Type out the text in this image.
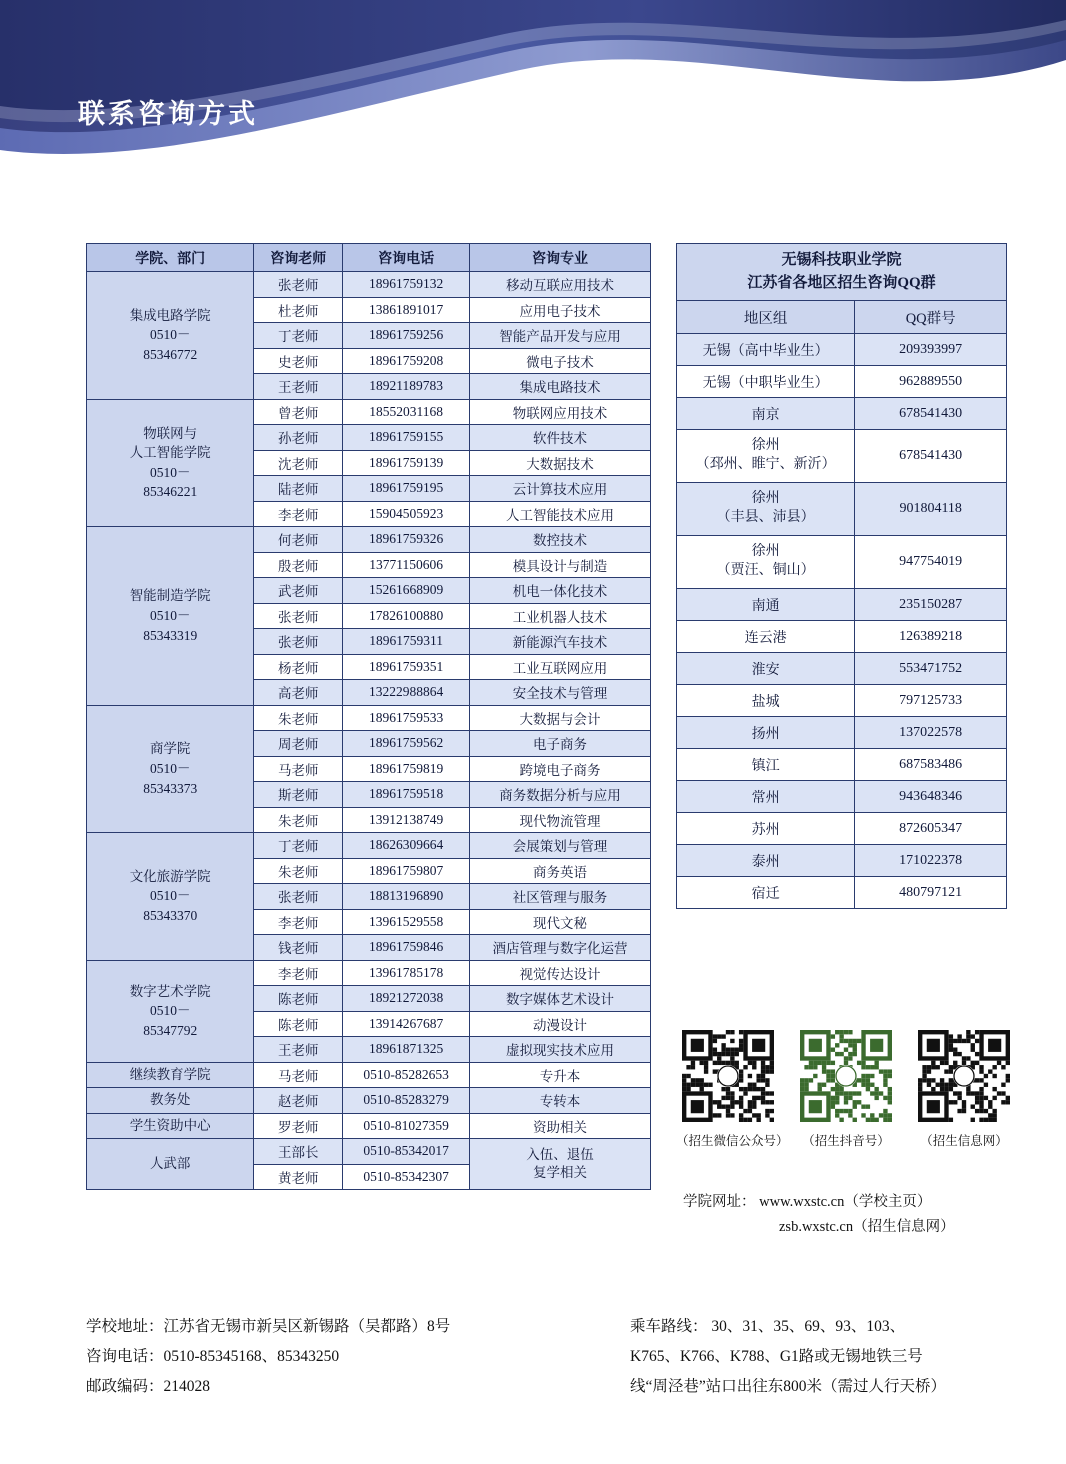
联系咨询方式
学院、部门	咨询老师	咨询电话	咨询专业
集成电路学院
0510－
85346772	张老师	18961759132	移动互联应用技术
	杜老师	13861891017	应用电子技术
	丁老师	18961759256	智能产品开发与应用
	史老师	18961759208	微电子技术
	王老师	18921189783	集成电路技术
物联网与
人工智能学院
0510－
85346221	曾老师	18552031168	物联网应用技术
	孙老师	18961759155	软件技术
	沈老师	18961759139	大数据技术
	陆老师	18961759195	云计算技术应用
	李老师	15904505923	人工智能技术应用
智能制造学院
0510－
85343319	何老师	18961759326	数控技术
	殷老师	13771150606	模具设计与制造
	武老师	15261668909	机电一体化技术
	张老师	17826100880	工业机器人技术
	张老师	18961759311	新能源汽车技术
	杨老师	18961759351	工业互联网应用
	高老师	13222988864	安全技术与管理
商学院
0510－
85343373	朱老师	18961759533	大数据与会计
	周老师	18961759562	电子商务
	马老师	18961759819	跨境电子商务
	斯老师	18961759518	商务数据分析与应用
	朱老师	13912138749	现代物流管理
文化旅游学院
0510－
85343370	丁老师	18626309664	会展策划与管理
	朱老师	18961759807	商务英语
	张老师	18813196890	社区管理与服务
	李老师	13961529558	现代文秘
	钱老师	18961759846	酒店管理与数字化运营
数字艺术学院
0510－
85347792	李老师	13961785178	视觉传达设计
	陈老师	18921272038	数字媒体艺术设计
	陈老师	13914267687	动漫设计
	王老师	18961871325	虚拟现实技术应用
继续教育学院	马老师	0510-85282653	专升本
教务处	赵老师	0510-85283279	专转本
学生资助中心	罗老师	0510-81027359	资助相关
人武部	王部长	0510-85342017	入伍、退伍
复学相关
	黄老师	0510-85342307	
无锡科技职业学院
江苏省各地区招生咨询QQ群	
地区组	QQ群号
无锡（高中毕业生）	209393997
无锡（中职毕业生）	962889550
南京	678541430
徐州
（邳州、睢宁、新沂）	678541430
徐州
（丰县、沛县）	901804118
徐州
（贾汪、铜山）	947754019
南通	235150287
连云港	126389218
淮安	553471752
盐城	797125733
扬州	137022578
镇江	687583486
常州	943648346
苏州	872605347
泰州	171022378
宿迁	480797121
（招生微信公众号）	（招生抖音号）	（招生信息网）
学院网址： www.wxstc.cn（学校主页）
zsb.wxstc.cn（招生信息网）
学校地址：江苏省无锡市新吴区新锡路（吴都路）8号
咨询电话：0510-85345168、85343250
邮政编码：214028
乘车路线： 30、31、35、69、93、103、
K765、K766、K788、G1路或无锡地铁三号
线“周泾巷”站口出往东800米（需过人行天桥）
